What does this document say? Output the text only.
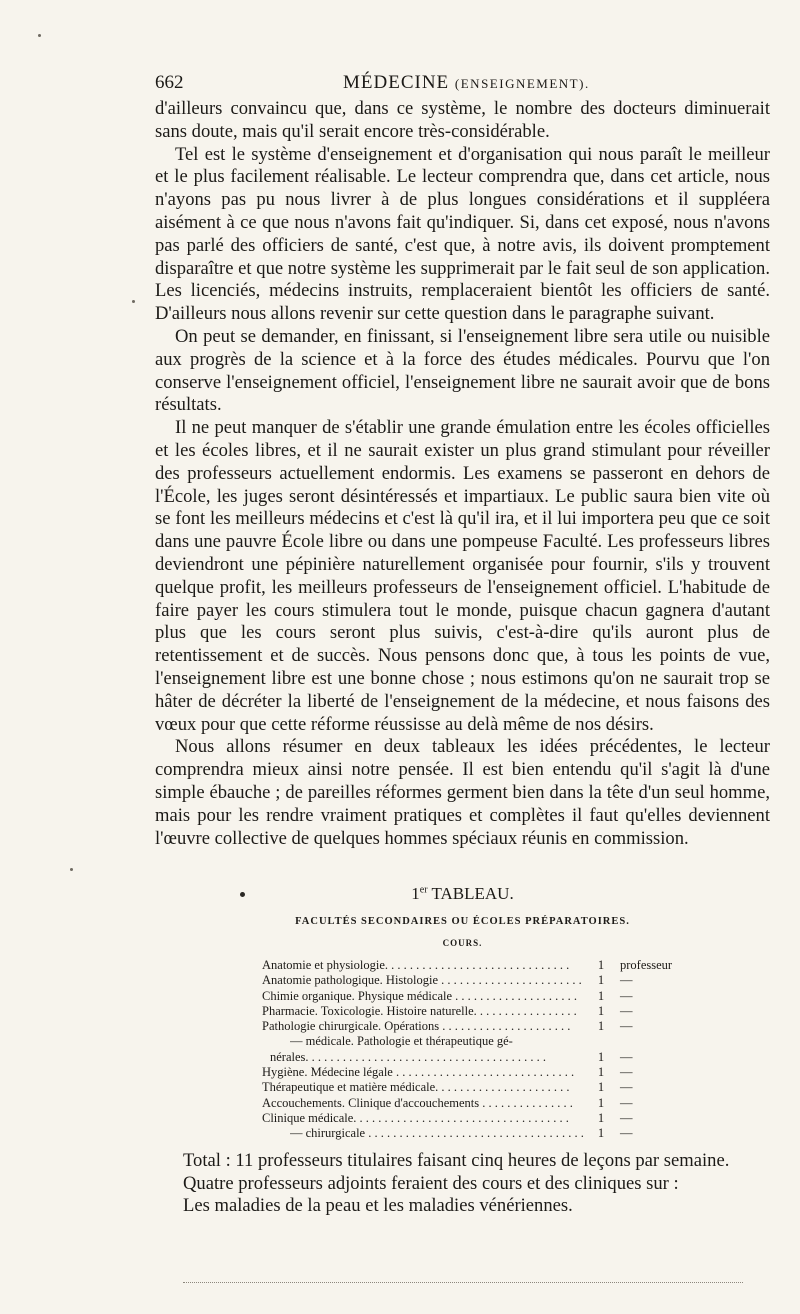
662	MÉDECINE (ENSEIGNEMENT).

d'ailleurs convaincu que, dans ce système, le nombre des docteurs diminuerait sans doute, mais qu'il serait encore très-considérable.

Tel est le système d'enseignement et d'organisation qui nous paraît le meilleur et le plus facilement réalisable. Le lecteur comprendra que, dans cet article, nous n'ayons pas pu nous livrer à de plus longues considérations et il suppléera aisément à ce que nous n'avons fait qu'indiquer. Si, dans cet exposé, nous n'avons pas parlé des officiers de santé, c'est que, à notre avis, ils doivent promptement disparaître et que notre système les supprimerait par le fait seul de son application. Les licenciés, médecins instruits, remplaceraient bientôt les officiers de santé. D'ailleurs nous allons revenir sur cette question dans le paragraphe suivant.

On peut se demander, en finissant, si l'enseignement libre sera utile ou nuisible aux progrès de la science et à la force des études médicales. Pourvu que l'on conserve l'enseignement officiel, l'enseignement libre ne saurait avoir que de bons résultats.

Il ne peut manquer de s'établir une grande émulation entre les écoles officielles et les écoles libres, et il ne saurait exister un plus grand stimulant pour réveiller des professeurs actuellement endormis. Les examens se passeront en dehors de l'École, les juges seront désintéressés et impartiaux. Le public saura bien vite où se font les meilleurs médecins et c'est là qu'il ira, et il lui importera peu que ce soit dans une pauvre École libre ou dans une pompeuse Faculté. Les professeurs libres deviendront une pépinière naturellement organisée pour fournir, s'ils y trouvent quelque profit, les meilleurs professeurs de l'enseignement officiel. L'habitude de faire payer les cours stimulera tout le monde, puisque chacun gagnera d'autant plus que les cours seront plus suivis, c'est-à-dire qu'ils auront plus de retentissement et de succès. Nous pensons donc que, à tous les points de vue, l'enseignement libre est une bonne chose ; nous estimons qu'on ne saurait trop se hâter de décréter la liberté de l'enseignement de la médecine, et nous faisons des vœux pour que cette réforme réussisse au delà même de nos désirs.

Nous allons résumer en deux tableaux les idées précédentes, le lecteur comprendra mieux ainsi notre pensée. Il est bien entendu qu'il s'agit là d'une simple ébauche ; de pareilles réformes germent bien dans la tête d'un seul homme, mais pour les rendre vraiment pratiques et complètes il faut qu'elles deviennent l'œuvre collective de quelques hommes spéciaux réunis en commission.

1er TABLEAU.
FACULTÉS SECONDAIRES OU ÉCOLES PRÉPARATOIRES.
COURS.
Anatomie et physiologie. . . . . . . . . . . . . . . . . . . . . . . . . . . . . .	1	professeur
Anatomie pathologique. Histologie . . . . . . . . . . . . . . . . . . . . . . .	1	—
Chimie organique. Physique médicale . . . . . . . . . . . . . . . . . . . .	1	—
Pharmacie. Toxicologie. Histoire naturelle. . . . . . . . . . . . . . . . .	1	—
Pathologie chirurgicale. Opérations . . . . . . . . . . . . . . . . . . . . .	1	—
— médicale. Pathologie et thérapeutique gé-
nérales. . . . . . . . . . . . . . . . . . . . . . . . . . . . . . . . . . . . . . .	1	—
Hygiène. Médecine légale . . . . . . . . . . . . . . . . . . . . . . . . . . . . .	1	—
Thérapeutique et matière médicale. . . . . . . . . . . . . . . . . . . . . .	1	—
Accouchements. Clinique d'accouchements . . . . . . . . . . . . . . .	1	—
Clinique médicale. . . . . . . . . . . . . . . . . . . . . . . . . . . . . . . . . . .	1	—
— chirurgicale . . . . . . . . . . . . . . . . . . . . . . . . . . . . . . . . . . .	1	—

Total : 11 professeurs titulaires faisant cinq heures de leçons par semaine.

Quatre professeurs adjoints feraient des cours et des cliniques sur :

Les maladies de la peau et les maladies vénériennes.
